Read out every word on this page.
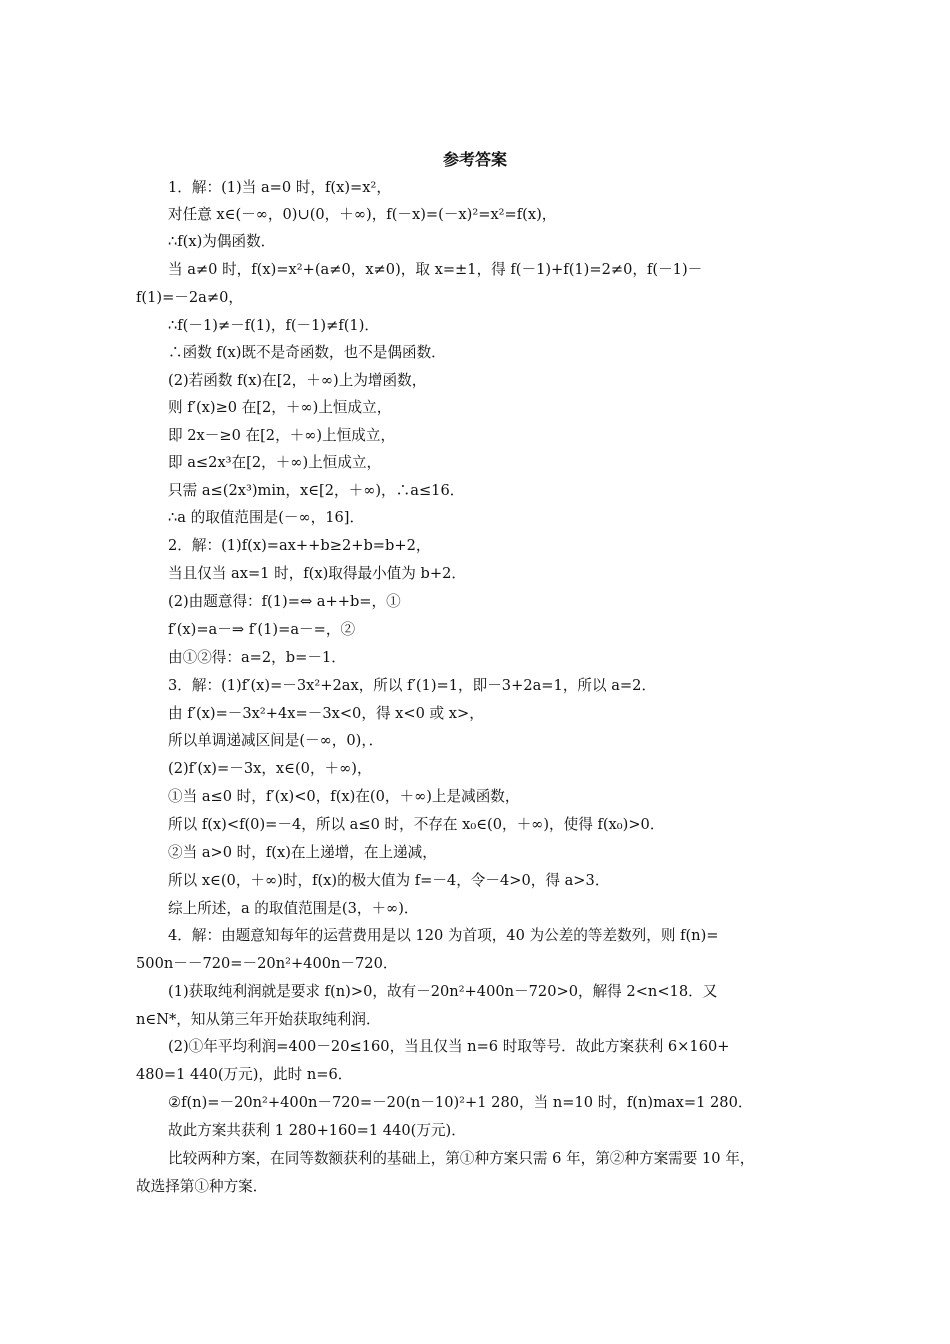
参考答案
1．解：(1)当 a=0 时，f(x)=x²，
对任意 x∈(－∞，0)∪(0，＋∞)，f(－x)=(－x)²=x²=f(x)，
∴f(x)为偶函数．
当 a≠0 时，f(x)=x²+(a≠0，x≠0)，取 x=±1，得 f(－1)+f(1)=2≠0，f(－1)－
f(1)=－2a≠0，
∴f(－1)≠－f(1)，f(－1)≠f(1)．
∴函数 f(x)既不是奇函数，也不是偶函数．
(2)若函数 f(x)在[2，＋∞)上为增函数，
则 f′(x)≥0 在[2，＋∞)上恒成立，
即 2x－≥0 在[2，＋∞)上恒成立，
即 a≤2x³在[2，＋∞)上恒成立，
只需 a≤(2x³)min，x∈[2，＋∞)，∴a≤16．
∴a 的取值范围是(－∞，16]．
2．解：(1)f(x)=ax++b≥2+b=b+2，
当且仅当 ax=1 时，f(x)取得最小值为 b+2．
(2)由题意得：f(1)=⇔ a++b=，①
f′(x)=a－⇒ f′(1)=a－=，②
由①②得：a=2，b=－1．
3．解：(1)f′(x)=－3x²+2ax，所以 f′(1)=1，即－3+2a=1，所以 a=2．
由 f′(x)=－3x²+4x=－3x<0，得 x<0 或 x>，
所以单调递减区间是(－∞，0)，．
(2)f′(x)=－3x，x∈(0，＋∞)，
①当 a≤0 时，f′(x)<0，f(x)在(0，＋∞)上是减函数，
所以 f(x)<f(0)=－4，所以 a≤0 时，不存在 x₀∈(0，＋∞)，使得 f(x₀)>0．
②当 a>0 时，f(x)在上递增，在上递减，
所以 x∈(0，＋∞)时，f(x)的极大值为 f=－4，令－4>0，得 a>3．
综上所述，a 的取值范围是(3，＋∞)．
4．解：由题意知每年的运营费用是以 120 为首项，40 为公差的等差数列，则 f(n)=
500n－－720=－20n²+400n－720．
(1)获取纯利润就是要求 f(n)>0，故有－20n²+400n－720>0，解得 2<n<18．又
n∈N*，知从第三年开始获取纯利润．
(2)①年平均利润=400－20≤160，当且仅当 n=6 时取等号．故此方案获利 6×160+
480=1 440(万元)，此时 n=6．
②f(n)=－20n²+400n－720=－20(n－10)²+1 280，当 n=10 时，f(n)max=1 280．
故此方案共获利 1 280+160=1 440(万元)．
比较两种方案，在同等数额获利的基础上，第①种方案只需 6 年，第②种方案需要 10 年，
故选择第①种方案．
